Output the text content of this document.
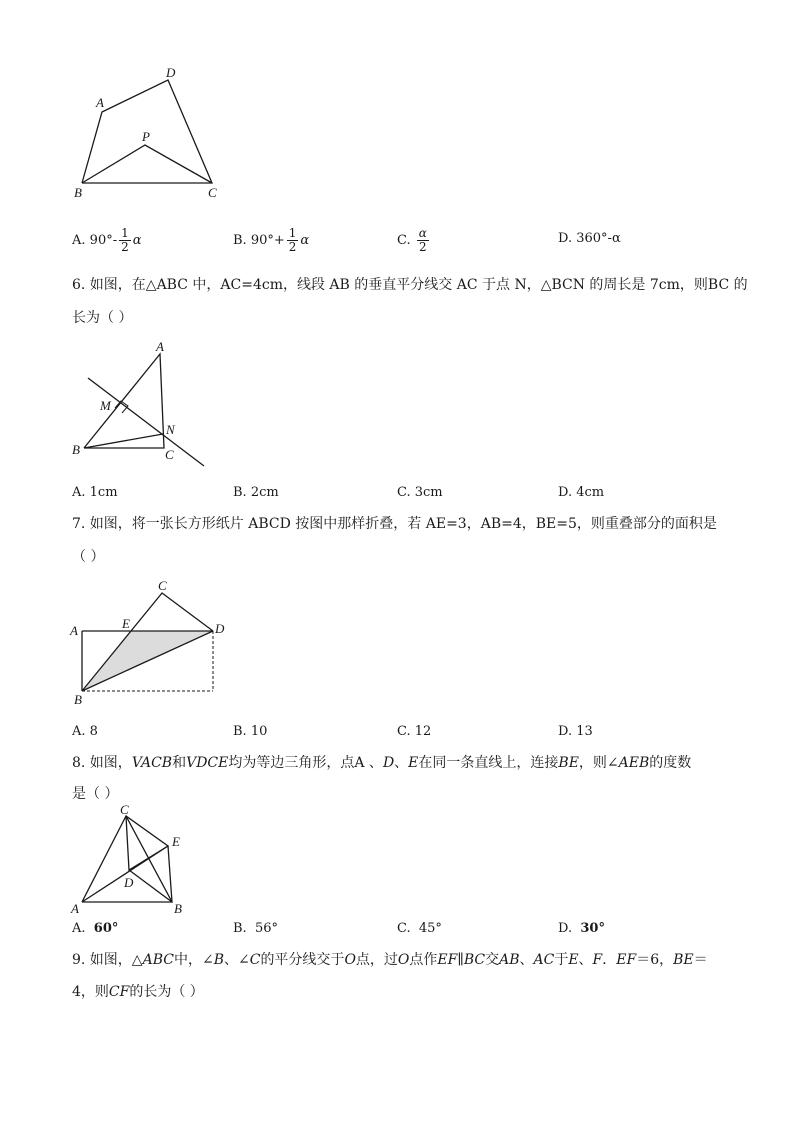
A
D
P
B	C
A. $90^\circ- \frac{1}{2}$ α	B. $90^\circ+ \frac{1}{2}$ α	C. $\frac{\alpha}{2}$	D. 360°-α
6. 如图，在△ABC 中，AC=4cm，线段 AB 的垂直平分线交 AC 于点 N，△BCN 的周长是 7cm，则BC 的
长为（ ）
A
M
N
B	C
A. 1cm	B. 2cm	C. 3cm	D. 4cm
7. 如图，将一张长方形纸片 ABCD 按图中那样折叠，若 AE=3，AB=4，BE=5，则重叠部分的面积是
（ ）
C
E
A	D
B
A. 8	B. 10	C. 12	D. 13
8. 如图，VACB和VDCE均为等边三角形，点A 、D、E在同一条直线上，连接BE，则∠AEB的度数
是（ ）
C
E
D
A	B
A. 60°	B. 56°	C. 45°	D. 30°
9. 如图，△ABC中，∠B、∠C的平分线交于O点，过O点作EF∥BC交AB、AC于E、F．EF＝6，BE＝
4，则CF的长为（ ）
